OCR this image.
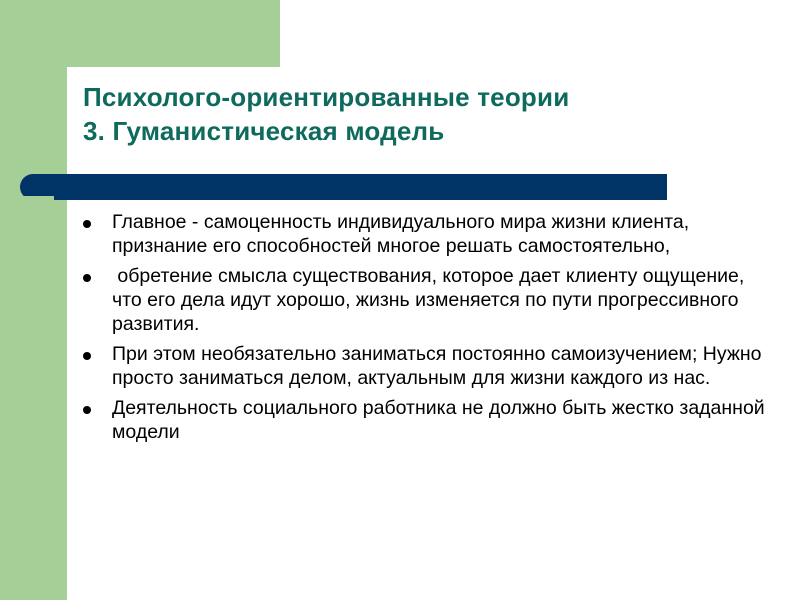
Психолого-ориентированные теории
3. Гуманистическая модель
Главное - самоценность индивидуального мира жизни клиента, признание его способностей многое решать самостоятельно,
обретение смысла существования, которое дает клиенту ощущение, что его дела идут хорошо, жизнь изменяется по пути прогрессивного развития.
При этом необязательно заниматься постоянно самоизучением; Нужно просто заниматься делом, актуальным для жизни каждого из нас.
Деятельность социального работника не должно быть жестко заданной модели
